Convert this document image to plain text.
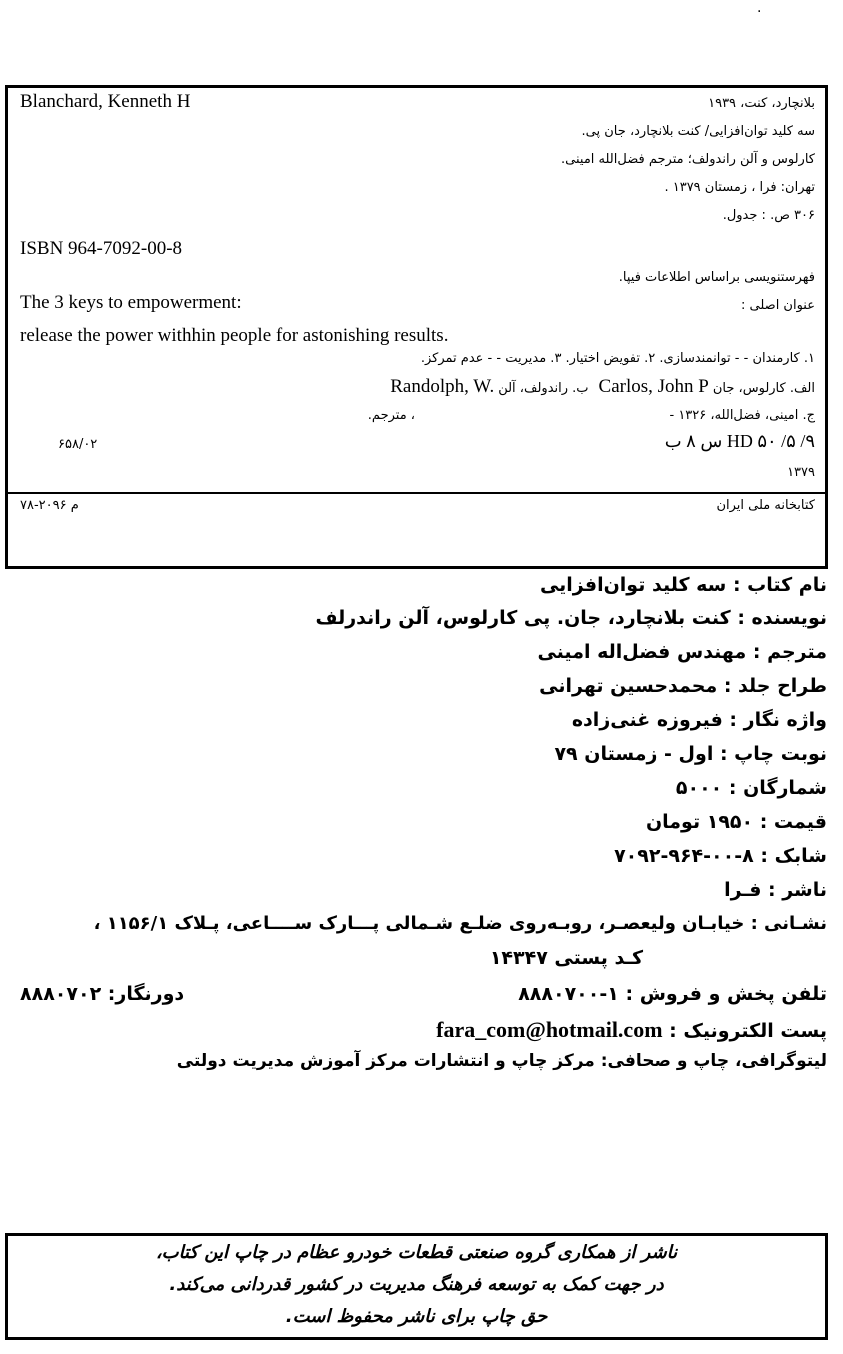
.
Blanchard, Kenneth H	بلانچارد، کنت، ۱۹۳۹
سه کلید توان‌افزایی/ کنت بلانچارد، جان پی.
کارلوس و آلن راندولف؛ مترجم فضل‌الله امینی.
تهران: فرا ، زمستان ۱۳۷۹ .
۳۰۶ ص. : جدول.
ISBN 964-7092-00-8
فهرستنویسی براساس اطلاعات فیپا.
The 3 keys to empowerment:	عنوان اصلی :
release the power withhin people for astonishing results.
۱. کارمندان - - توانمندسازی. ۲. تفویض اختیار. ۳. مدیریت - - عدم تمرکز.
الف. کارلوس، جان Carlos, John P ب. راندولف، آلن Randolph, W.
ج. امینی، فضل‌الله، ۱۳۲۶ -
، مترجم.
HD ۵۰ /۵ /۹ س ۸ ب
۶۵۸/۰۲
۱۳۷۹
کتابخانه ملی ایران
م ۲۰۹۶-۷۸
نام کتاب : سه کلید توان‌افزایی
نویسنده : کنت بلانچارد، جان. پی کارلوس، آلن راندرلف
مترجم : مهندس فضل‌اله امینی
طراح جلد : محمدحسین تهرانی
واژه نگار : فیروزه غنی‌زاده
نوبت چاپ : اول - زمستان ۷۹
شمارگان : ۵۰۰۰
قیمت : ۱۹۵۰ تومان
شابک : ۸-۰۰-۹۶۴-۷۰۹۲
ناشر : فـرا
نشـانی : خیابـان ولیعصـر، روبـه‌روی ضلـع شـمالی پـــارک ســــاعی، پـلاک ۱۱۵۶/۱ ،
کـد پستی ۱۴۳۴۷
تلفن پخش و فروش : ۱-۸۸۸۰۷۰۰
دورنگار: ۸۸۸۰۷۰۲
پست الکترونیک : fara_com@hotmail.com
لیتوگرافی، چاپ و صحافی: مرکز چاپ و انتشارات مرکز آموزش مدیریت دولتی
ناشر از همکاری گروه صنعتی قطعات خودرو عظام در چاپ این کتاب،
در جهت کمک به توسعه فرهنگ مدیریت در کشور قدردانی می‌کند.
حق چاپ برای ناشر محفوظ است.
